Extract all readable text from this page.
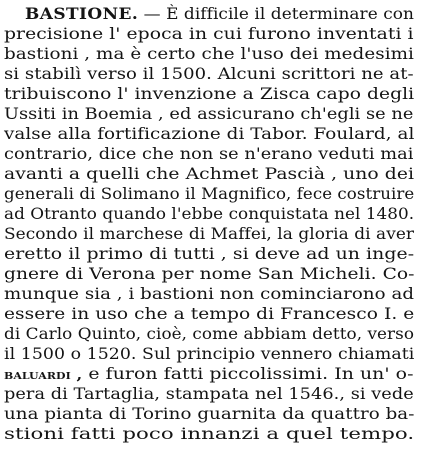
BASTIONE. — È difficile il determinare con
precisione l' epoca in cui furono inventati i
bastioni , ma è certo che l'uso dei medesimi
si stabilì verso il 1500. Alcuni scrittori ne at-
tribuiscono l' invenzione a Zisca capo degli
Ussiti in Boemia , ed assicurano ch'egli se ne
valse alla fortificazione di Tabor. Foulard, al
contrario, dice che non se n'erano veduti mai
avanti a quelli che Achmet Pascià , uno dei
generali di Solimano il Magnifico, fece costruire
ad Otranto quando l'ebbe conquistata nel 1480.
Secondo il marchese di Maffei, la gloria di aver
eretto il primo di tutti , si deve ad un inge-
gnere di Verona per nome San Micheli. Co-
munque sia , i bastioni non cominciarono ad
essere in uso che a tempo di Francesco I. e
di Carlo Quinto, cioè, come abbiam detto, verso
il 1500 o 1520. Sul principio vennero chiamati
baluardi , e furon fatti piccolissimi. In un' o-
pera di Tartaglia, stampata nel 1546., si vede
una pianta di Torino guarnita da quattro ba-
stioni fatti poco innanzi a quel tempo.
